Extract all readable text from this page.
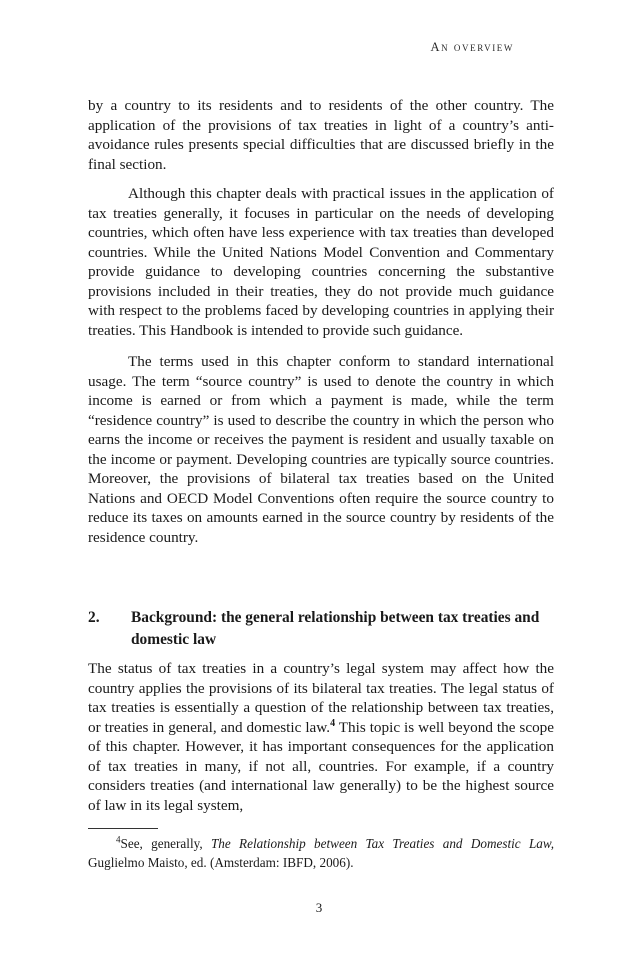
An overview

by a country to its residents and to residents of the other country. The application of the provisions of tax treaties in light of a country’s anti-avoidance rules presents special difficulties that are discussed briefly in the final section.

Although this chapter deals with practical issues in the application of tax treaties generally, it focuses in particular on the needs of developing countries, which often have less experience with tax treaties than developed countries. While the United Nations Model Convention and Commentary provide guidance to developing countries concerning the substantive provisions included in their treaties, they do not provide much guidance with respect to the problems faced by developing countries in applying their treaties. This Handbook is intended to provide such guidance.

The terms used in this chapter conform to standard international usage. The term “source country” is used to denote the country in which income is earned or from which a payment is made, while the term “residence country” is used to describe the country in which the person who earns the income or receives the payment is resident and usually taxable on the income or payment. Developing countries are typically source countries. Moreover, the provisions of bilateral tax treaties based on the United Nations and OECD Model Conventions often require the source country to reduce its taxes on amounts earned in the source country by residents of the residence country.

2.	Background: the general relationship between tax treaties and domestic law

The status of tax treaties in a country’s legal system may affect how the country applies the provisions of its bilateral tax treaties. The legal status of tax treaties is essentially a question of the relationship between tax treaties, or treaties in general, and domestic law.$^4$ This topic is well beyond the scope of this chapter. However, it has important consequences for the application of tax treaties in many, if not all, countries. For example, if a country considers treaties (and international law generally) to be the highest source of law in its legal system,

$^4$See, generally, The Relationship between Tax Treaties and Domestic Law, Guglielmo Maisto, ed. (Amsterdam: IBFD, 2006).
3
